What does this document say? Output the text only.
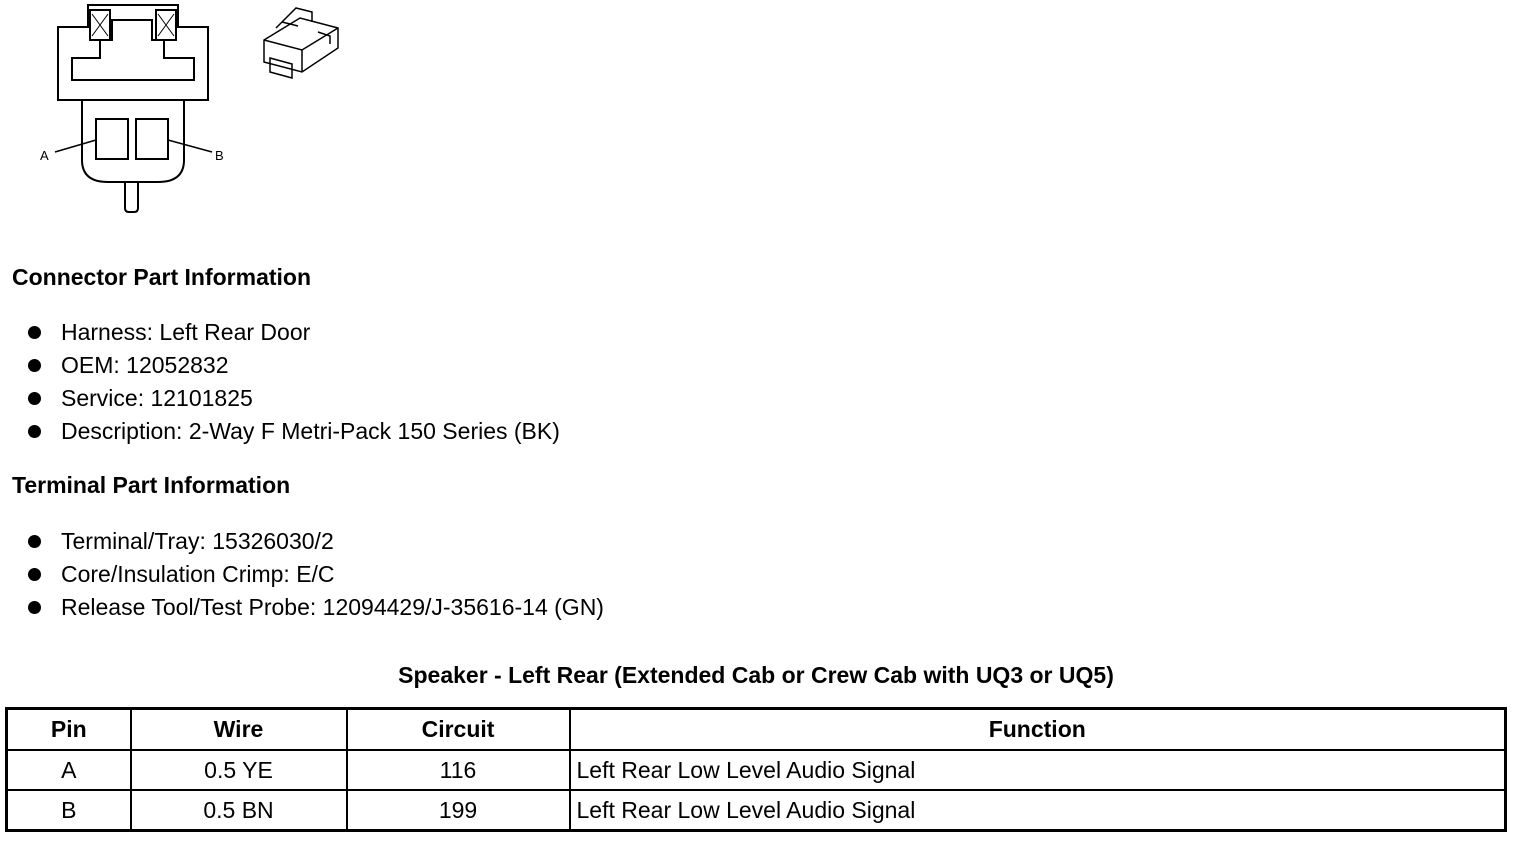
A	B
Connector Part Information
Harness: Left Rear Door
OEM: 12052832
Service: 12101825
Description: 2-Way F Metri-Pack 150 Series (BK)
Terminal Part Information
Terminal/Tray: 15326030/2
Core/Insulation Crimp: E/C
Release Tool/Test Probe: 12094429/J-35616-14 (GN)
Speaker - Left Rear (Extended Cab or Crew Cab with UQ3 or UQ5)
Pin	Wire	Circuit	Function
A	0.5 YE	116	Left Rear Low Level Audio Signal
B	0.5 BN	199	Left Rear Low Level Audio Signal
